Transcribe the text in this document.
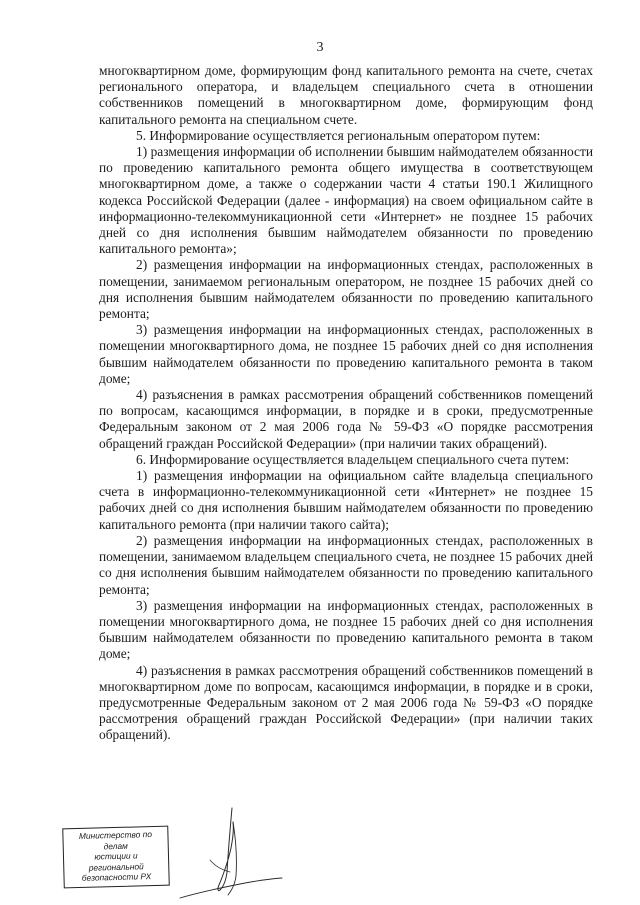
3

многоквартирном доме, формирующим фонд капитального ремонта на счете, счетах регионального оператора, и владельцем специального счета в отношении собственников помещений в многоквартирном доме, формирующим фонд капитального ремонта на специальном счете.

5. Информирование осуществляется региональным оператором путем:

1) размещения информации об исполнении бывшим наймодателем обязанности по проведению капитального ремонта общего имущества в соответствующем многоквартирном доме, а также о содержании части 4 статьи 190.1 Жилищного кодекса Российской Федерации (далее - информация) на своем официальном сайте в информационно-телекоммуникационной сети «Интернет» не позднее 15 рабочих дней со дня исполнения бывшим наймодателем обязанности по проведению капитального ремонта»;

2) размещения информации на информационных стендах, расположенных в помещении, занимаемом региональным оператором, не позднее 15 рабочих дней со дня исполнения бывшим наймодателем обязанности по проведению капитального ремонта;

3) размещения информации на информационных стендах, расположенных в помещении многоквартирного дома, не позднее 15 рабочих дней со дня исполнения бывшим наймодателем обязанности по проведению капитального ремонта в таком доме;

4) разъяснения в рамках рассмотрения обращений собственников помещений по вопросам, касающимся информации, в порядке и в сроки, предусмотренные Федеральным законом от 2 мая 2006 года № 59-ФЗ «О порядке рассмотрения обращений граждан Российской Федерации» (при наличии таких обращений).

6. Информирование осуществляется владельцем специального счета путем:

1) размещения информации на официальном сайте владельца специального счета в информационно-телекоммуникационной сети «Интернет» не позднее 15 рабочих дней со дня исполнения бывшим наймодателем обязанности по проведению капитального ремонта (при наличии такого сайта);

2) размещения информации на информационных стендах, расположенных в помещении, занимаемом владельцем специального счета, не позднее 15 рабочих дней со дня исполнения бывшим наймодателем обязанности по проведению капитального ремонта;

3) размещения информации на информационных стендах, расположенных в помещении многоквартирного дома, не позднее 15 рабочих дней со дня исполнения бывшим наймодателем обязанности по проведению капитального ремонта в таком доме;

4) разъяснения в рамках рассмотрения обращений собственников помещений в многоквартирном доме по вопросам, касающимся информации, в порядке и в сроки, предусмотренные Федеральным законом от 2 мая 2006 года № 59-ФЗ «О порядке рассмотрения обращений граждан Российской Федерации» (при наличии таких обращений).

Министерство по делам
юстиции и региональной
безопасности РХ
